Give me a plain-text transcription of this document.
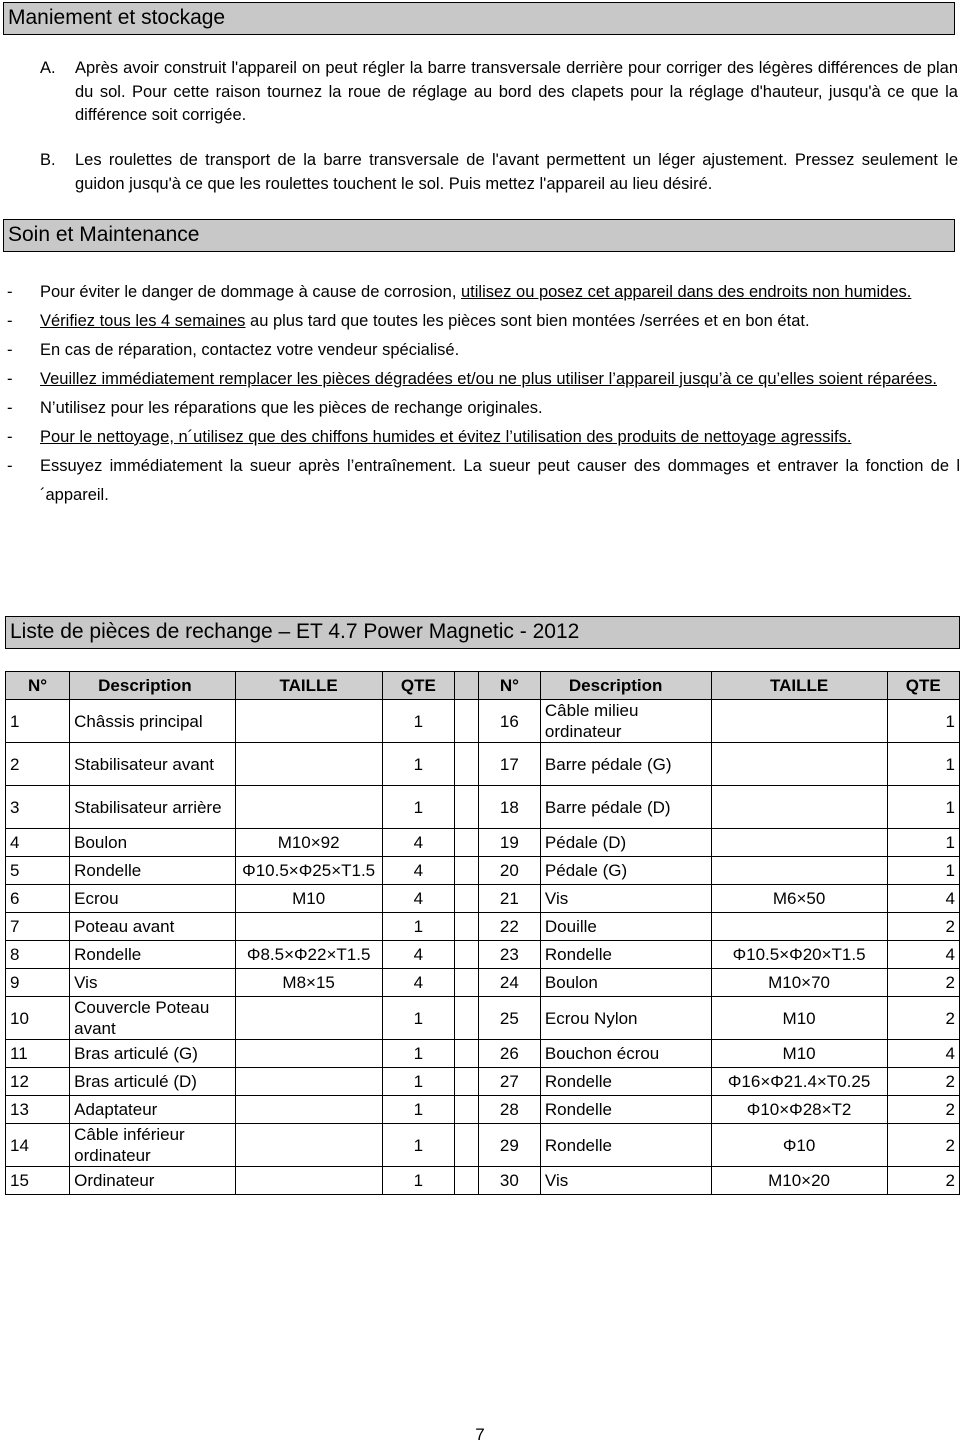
Maniement et stockage
A. Après avoir construit l'appareil on peut régler la barre transversale derrière pour corriger des légères différences de plan du sol. Pour cette raison tournez la roue de réglage au bord des clapets pour la réglage d'hauteur, jusqu'à ce que la différence soit corrigée.
B. Les roulettes de transport de la barre transversale de l'avant permettent un léger ajustement. Pressez seulement le guidon jusqu'à ce que les roulettes touchent le sol. Puis mettez l'appareil au lieu désiré.
Soin et Maintenance
- Pour éviter le danger de dommage à cause de corrosion, utilisez ou posez cet appareil dans des endroits non humides.
- Vérifiez tous les 4 semaines au plus tard que toutes les pièces sont bien montées /serrées et en bon état.
- En cas de réparation, contactez votre vendeur spécialisé.
- Veuillez immédiatement remplacer les pièces dégradées et/ou ne plus utiliser l’appareil jusqu’à ce qu’elles soient réparées.
- N’utilisez pour les réparations que les pièces de rechange originales.
- Pour le nettoyage, n´utilisez que des chiffons humides et évitez l’utilisation des produits de nettoyage agressifs.
- Essuyez immédiatement la sueur après l’entraînement. La sueur peut causer des dommages et entraver la fonction de l´appareil.
Liste de pièces de rechange – ET 4.7 Power Magnetic - 2012
N°	Description	TAILLE	QTE		N°	Description	TAILLE	QTE
1	Châssis principal		1		16	Câble milieu ordinateur		1
2	Stabilisateur avant		1		17	Barre pédale (G)		1
3	Stabilisateur arrière		1		18	Barre pédale (D)		1
4	Boulon	M10×92	4		19	Pédale (D)		1
5	Rondelle	Φ10.5×Φ25×T1.5	4		20	Pédale (G)		1
6	Ecrou	M10	4		21	Vis	M6×50	4
7	Poteau avant		1		22	Douille		2
8	Rondelle	Φ8.5×Φ22×T1.5	4		23	Rondelle	Φ10.5×Φ20×T1.5	4
9	Vis	M8×15	4		24	Boulon	M10×70	2
10	Couvercle Poteau avant		1		25	Ecrou Nylon	M10	2
11	Bras articulé (G)		1		26	Bouchon écrou	M10	4
12	Bras articulé (D)		1		27	Rondelle	Φ16×Φ21.4×T0.25	2
13	Adaptateur		1		28	Rondelle	Φ10×Φ28×T2	2
14	Câble inférieur ordinateur		1		29	Rondelle	Φ10	2
15	Ordinateur		1		30	Vis	M10×20	2
7
